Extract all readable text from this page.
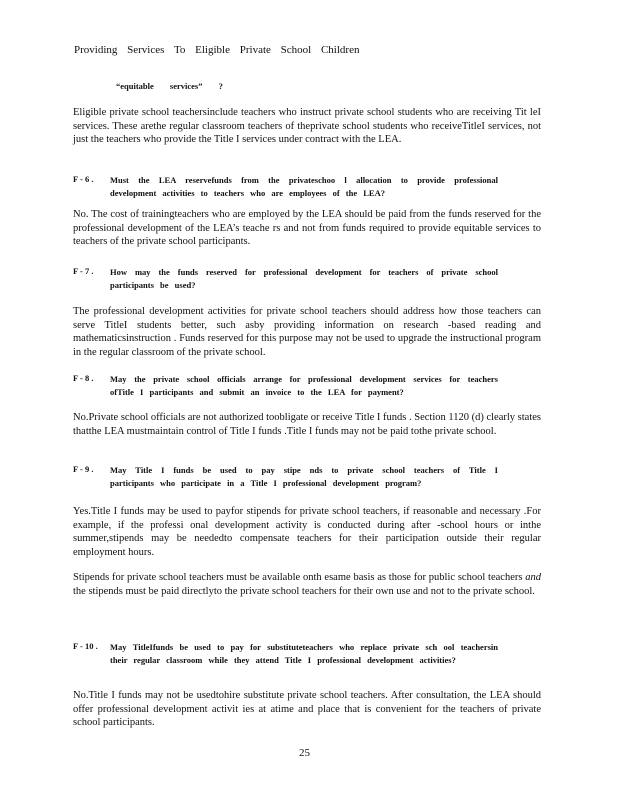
Providing Services To Eligible Private School Children
“equitable services” ?
Eligible private school teachersinclude teachers who instruct private school students who are receiving Tit leI services. These arethe regular classroom teachers of theprivate school students who receiveTitleI services, not just the teachers who provide the Title I services under contract with the LEA.
F - 6 .	Must the LEA reservefunds from the privateschoo l allocation to provide professional development activities to teachers who are employees of the LEA?
No. The cost of trainingteachers who are employed by the LEA should be paid from the funds reserved for the professional development of the LEA’s teache rs and not from funds required to provide equitable services to teachers of the private school participants.
F - 7 .	How may the funds reserved for professional development for teachers of private school participants be used?
The professional development activities for private school teachers should address how those teachers can serve TitleI students better, such asby providing information on research -based reading and mathematicsinstruction . Funds reserved for this purpose may not be used to upgrade the instructional program in the regular classroom of the private school.
F - 8 .	May the private school officials arrange for professional development services for teachers ofTitle I participants and submit an invoice to the LEA for payment?
No.Private school officials are not authorized toobligate or receive Title I funds . Section 1120 (d) clearly states thatthe LEA mustmaintain control of Title I funds .Title I funds may not be paid tothe private school.
F - 9 .	May Title I funds be used to pay stipe nds to private school teachers of Title I participants who participate in a Title I professional development program?
Yes.Title I funds may be used to payfor stipends for private school teachers, if reasonable and necessary .For example, if the professi onal development activity is conducted during after -school hours or inthe summer,stipends may be neededto compensate teachers for their participation outside their regular employment hours.
Stipends for private school teachers must be available onth esame basis as those for public school teachers and the stipends must be paid directlyto the private school teachers for their own use and not to the private school.
F - 10 .	May TitleIfunds be used to pay for substituteteachers who replace private sch ool teachersin their regular classroom while they attend Title I professional development activities?
No.Title I funds may not be usedtohire substitute private school teachers. After consultation, the LEA should offer professional development activit ies at atime and place that is convenient for the teachers of private school participants.
25
